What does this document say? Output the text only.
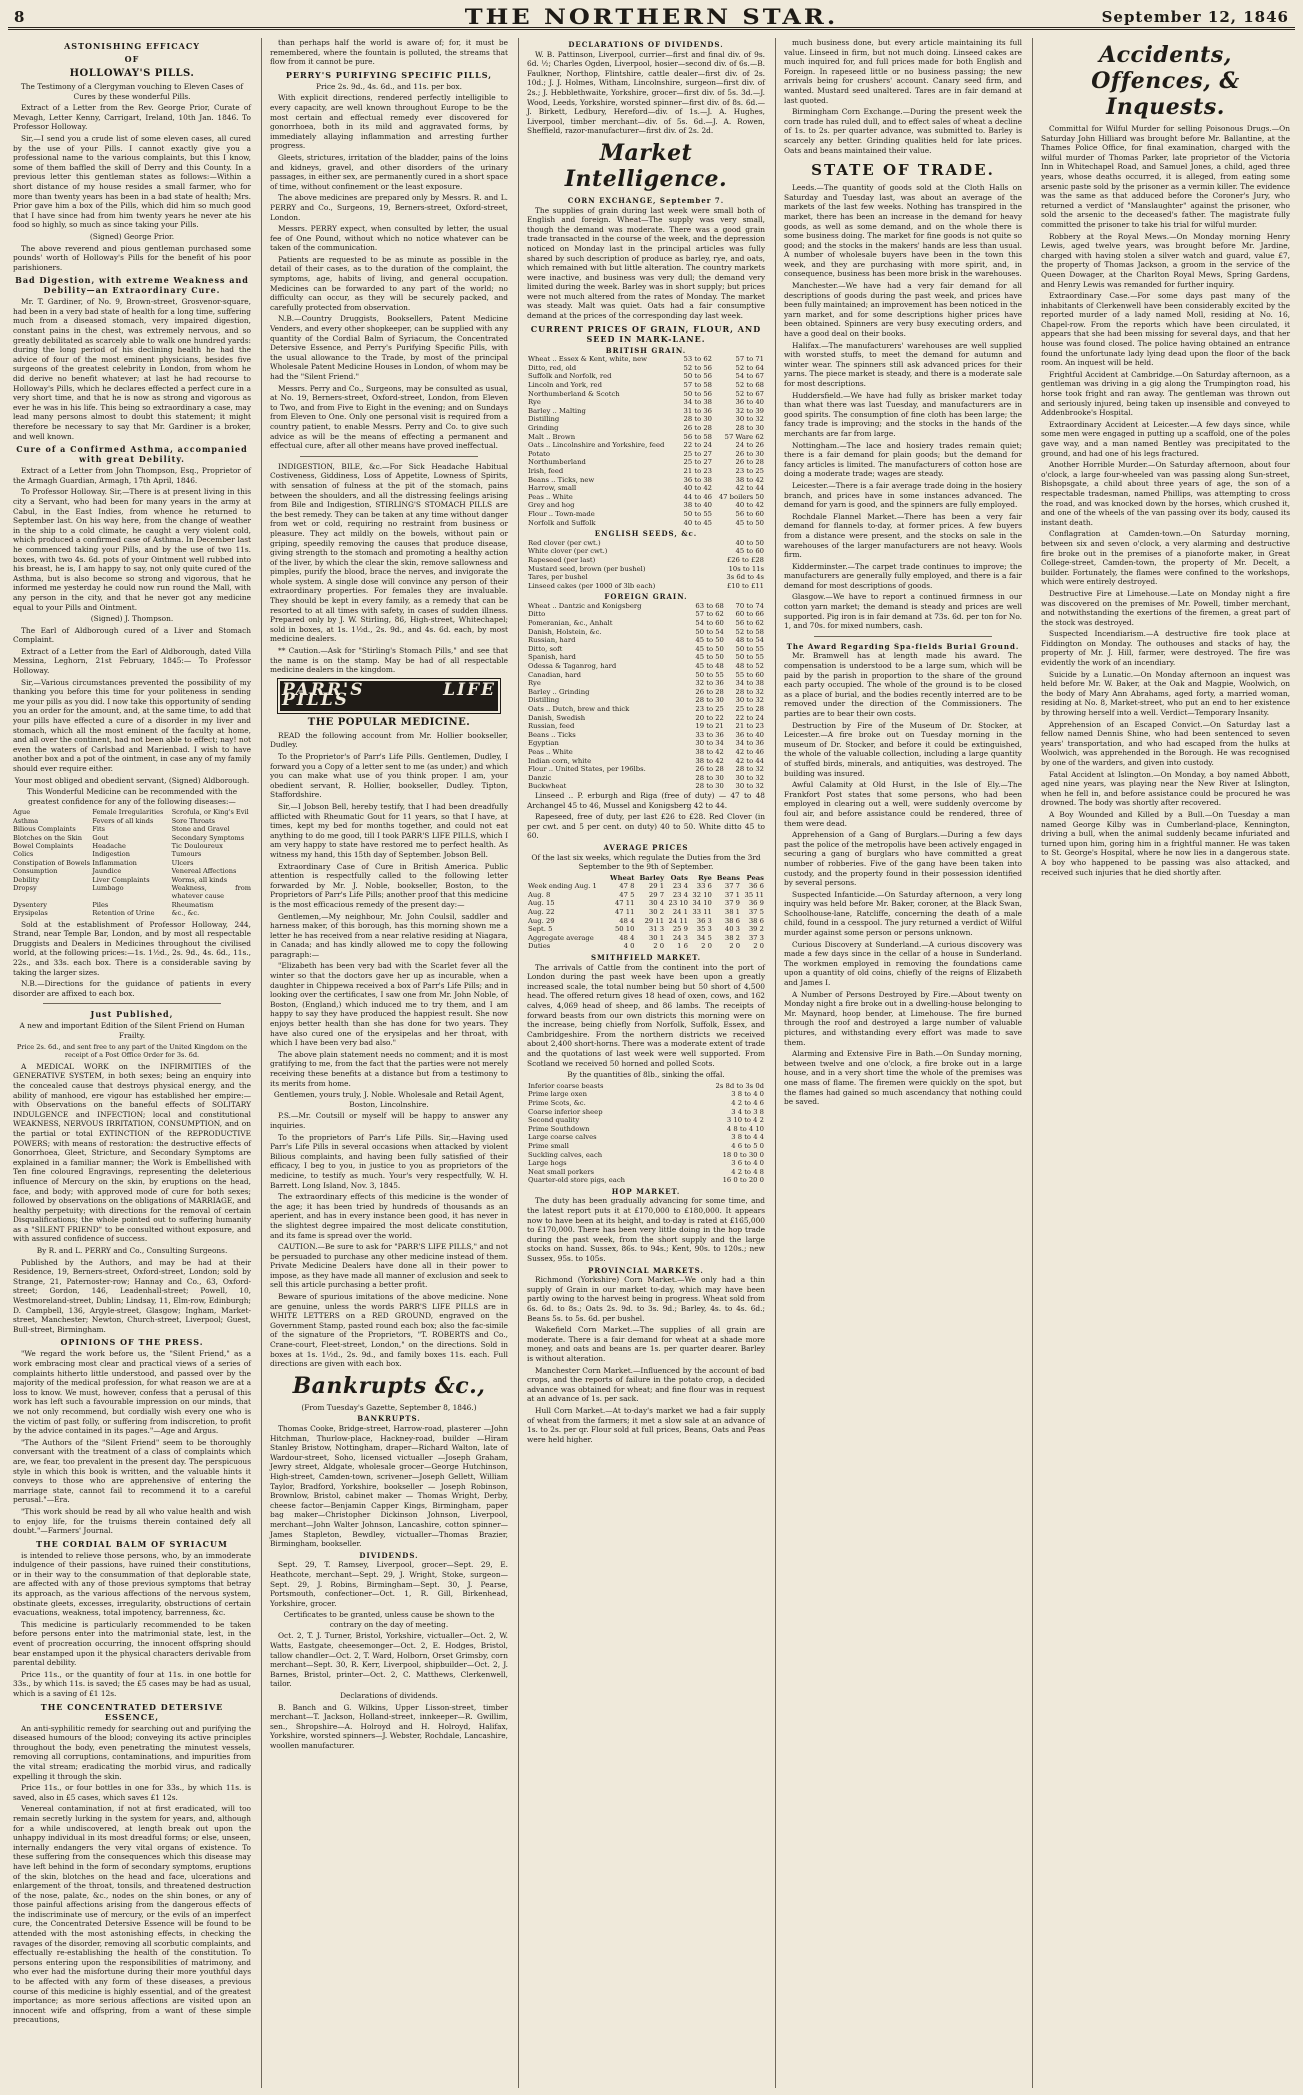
8	THE NORTHERN STAR.	September 12, 1846
ASTONISHING EFFICACY
OF
HOLLOWAY'S PILLS.

The Testimony of a Clergyman vouching to Eleven Cases of Cures by these wonderful Pills.

Extract of a Letter from the Rev. George Prior, Curate of Mevagh, Letter Kenny, Carrigart, Ireland, 10th Jan. 1846. To Professor Holloway.

Sir,—I send you a crude list of some eleven cases, all cured by the use of your Pills. I cannot exactly give you a professional name to the various complaints, but this I know, some of them baffled the skill of Derry and this County. In a previous letter this gentleman states as follows:—Within a short distance of my house resides a small farmer, who for more than twenty years has been in a bad state of health; Mrs. Prior gave him a box of the Pills, which did him so much good that I have since had from him twenty years he never ate his food so highly, so much as since taking your Pills.

(Signed) George Prior.

The above reverend and pious gentleman purchased some pounds' worth of Holloway's Pills for the benefit of his poor parishioners.

Bad Digestion, with extreme Weakness and Debility—an Extraordinary Cure.

Mr. T. Gardiner, of No. 9, Brown-street, Grosvenor-square, had been in a very bad state of health for a long time, suffering much from a diseased stomach, very impaired digestion, constant pains in the chest, was extremely nervous, and so greatly debilitated as scarcely able to walk one hundred yards: during the long period of his declining health he had the advice of four of the most eminent physicians, besides five surgeons of the greatest celebrity in London, from whom he did derive no benefit whatever; at last he had recourse to Holloway's Pills, which he declares effected a perfect cure in a very short time, and that he is now as strong and vigorous as ever he was in his life. This being so extraordinary a case, may lead many persons almost to doubt this statement; it might therefore be necessary to say that Mr. Gardiner is a broker, and well known.

Cure of a Confirmed Asthma, accompanied with great Debility.

Extract of a Letter from John Thompson, Esq., Proprietor of the Armagh Guardian, Armagh, 17th April, 1846.

To Professor Holloway. Sir,—There is at present living in this city a Servant, who had been for many years in the army at Cabul, in the East Indies, from whence he returned to September last. On his way here, from the change of weather in the ship to a cold climate, he caught a very violent cold, which produced a confirmed case of Asthma. In December last he commenced taking your Pills, and by the use of two 11s. boxes, with two 4s. 6d. pots of your Ointment well rubbed into his breast, he is, I am happy to say, not only quite cured of the Asthma, but is also become so strong and vigorous, that he informed me yesterday he could now run round the Mall, with any person in the city, and that he never got any medicine equal to your Pills and Ointment.

(Signed) J. Thompson.

The Earl of Aldborough cured of a Liver and Stomach Complaint.

Extract of a Letter from the Earl of Aldborough, dated Villa Messina, Leghorn, 21st February, 1845:— To Professor Holloway.

Sir,—Various circumstances prevented the possibility of my thanking you before this time for your politeness in sending me your pills as you did. I now take this opportunity of sending you an order for the amount, and, at the same time, to add that your pills have effected a cure of a disorder in my liver and stomach, which all the most eminent of the faculty at home, and all over the continent, had not been able to effect; nay! not even the waters of Carlsbad and Marienbad. I wish to have another box and a pot of the ointment, in case any of my family should ever require either.

Your most obliged and obedient servant, (Signed) Aldborough.

This Wonderful Medicine can be recommended with the greatest confidence for any of the following diseases:—

Ague	Female Irregularities	Scrofula, or King's Evil
Asthma	Fevers of all kinds	Sore Throats
Bilious Complaints	Fits	Stone and Gravel
Blotches on the Skin	Gout	Secondary Symptoms
Bowel Complaints	Headache	Tic Douloureux
Colics	Indigestion	Tumours
Constipation of Bowels Inflammation	Ulcers
Consumption	Jaundice	Venereal Affections
Debility	Liver Complaints	Worms, all kinds
Dropsy	Lumbago	Weakness, from whatever cause
Dysentery	Piles	Rheumatism
Erysipelas	Retention of Urine	&c., &c.

Sold at the establishment of Professor Holloway, 244, Strand, near Temple Bar, London, and by most all respectable Druggists and Dealers in Medicines throughout the civilised world, at the following prices:—1s. 1½d., 2s. 9d., 4s. 6d., 11s., 22s., and 33s. each box. There is a considerable saving by taking the larger sizes.

N.B.—Directions for the guidance of patients in every disorder are affixed to each box.

Just Published,

A new and important Edition of the Silent Friend on Human Frailty.

Price 2s. 6d., and sent free to any part of the United Kingdom on the receipt of a Post Office Order for 3s. 6d.

A MEDICAL WORK on the INFIRMITIES of the GENERATIVE SYSTEM, in both sexes; being an enquiry into the concealed cause that destroys physical energy, and the ability of manhood, ere vigour has established her empire:—with Observations on the baneful effects of SOLITARY INDULGENCE and INFECTION; local and constitutional WEAKNESS, NERVOUS IRRITATION, CONSUMPTION, and on the partial or total EXTINCTION of the REPRODUCTIVE POWERS; with means of restoration: the destructive effects of Gonorrhoea, Gleet, Stricture, and Secondary Symptoms are explained in a familiar manner; the Work is Embellished with Ten fine coloured Engravings, representing the deleterious influence of Mercury on the skin, by eruptions on the head, face, and body; with approved mode of cure for both sexes; followed by observations on the obligations of MARRIAGE, and healthy perpetuity; with directions for the removal of certain Disqualifications; the whole pointed out to suffering humanity as a "SILENT FRIEND" to be consulted without exposure, and with assured confidence of success.

By R. and L. PERRY and Co., Consulting Surgeons.

Published by the Authors, and may be had at their Residence, 19, Berners-street, Oxford-street, London; sold by Strange, 21, Paternoster-row; Hannay and Co., 63, Oxford-street; Gordon, 146, Leadenhall-street; Powell, 10, Westmoreland-street, Dublin; Lindsay, 11, Elm-row, Edinburgh; D. Campbell, 136, Argyle-street, Glasgow; Ingham, Market-street, Manchester; Newton, Church-street, Liverpool; Guest, Bull-street, Birmingham.

OPINIONS OF THE PRESS.

"We regard the work before us, the "Silent Friend," as a work embracing most clear and practical views of a series of complaints hitherto little understood, and passed over by the majority of the medical profession, for what reason we are at a loss to know. We must, however, confess that a perusal of this work has left such a favourable impression on our minds, that we not only recommend, but cordially wish every one who is the victim of past folly, or suffering from indiscretion, to profit by the advice contained in its pages."—Age and Argus.

"The Authors of the "Silent Friend" seem to be thoroughly conversant with the treatment of a class of complaints which are, we fear, too prevalent in the present day. The perspicuous style in which this book is written, and the valuable hints it conveys to those who are apprehensive of entering the marriage state, cannot fail to recommend it to a careful perusal."—Era.

"This work should be read by all who value health and wish to enjoy life, for the truisms therein contained defy all doubt."—Farmers' Journal.

THE CORDIAL BALM OF SYRIACUM

is intended to relieve those persons, who, by an immoderate indulgence of their passions, have ruined their constitutions, or in their way to the consummation of that deplorable state, are affected with any of those previous symptoms that betray its approach, as the various affections of the nervous system, obstinate gleets, excesses, irregularity, obstructions of certain evacuations, weakness, total impotency, barrenness, &c.

This medicine is particularly recommended to be taken before persons enter into the matrimonial state, lest, in the event of procreation occurring, the innocent offspring should bear enstamped upon it the physical characters derivable from parental debility.

Price 11s., or the quantity of four at 11s. in one bottle for 33s., by which 11s. is saved; the £5 cases may be had as usual, which is a saving of £1 12s.

THE CONCENTRATED DETERSIVE ESSENCE,

An anti-syphilitic remedy for searching out and purifying the diseased humours of the blood; conveying its active principles throughout the body, even penetrating the minutest vessels, removing all corruptions, contaminations, and impurities from the vital stream; eradicating the morbid virus, and radically expelling it through the skin.

Price 11s., or four bottles in one for 33s., by which 11s. is saved, also in £5 cases, which saves £1 12s.

Venereal contamination, if not at first eradicated, will too remain secretly lurking in the system for years, and, although for a while undiscovered, at length break out upon the unhappy individual in its most dreadful forms; or else, unseen, internally endangers the very vital organs of existence. To these suffering from the consequences which this disease may have left behind in the form of secondary symptoms, eruptions of the skin, blotches on the head and face, ulcerations and enlargement of the throat, tonsils, and threatened destruction of the nose, palate, &c., nodes on the shin bones, or any of those painful affections arising from the dangerous effects of the indiscriminate use of mercury, or the evils of an imperfect cure, the Concentrated Detersive Essence will be found to be attended with the most astonishing effects, in checking the ravages of the disorder, removing all scorbutic complaints, and effectually re-establishing the health of the constitution. To persons entering upon the responsibilities of matrimony, and who ever had the misfortune during their more youthful days to be affected with any form of these diseases, a previous course of this medicine is highly essential, and of the greatest importance; as more serious affections are visited upon an innocent wife and offspring, from a want of these simple precautions,

than perhaps half the world is aware of; for, it must be remembered, where the fountain is polluted, the streams that flow from it cannot be pure.

PERRY'S PURIFYING SPECIFIC PILLS,

Price 2s. 9d., 4s. 6d., and 11s. per box.

With explicit directions, rendered perfectly intelligible to every capacity, are well known throughout Europe to be the most certain and effectual remedy ever discovered for gonorrhoea, both in its mild and aggravated forms, by immediately allaying inflammation and arresting further progress.

Gleets, strictures, irritation of the bladder, pains of the loins and kidneys, gravel, and other disorders of the urinary passages, in either sex, are permanently cured in a short space of time, without confinement or the least exposure.

The above medicines are prepared only by Messrs. R. and L. PERRY and Co., Surgeons, 19, Berners-street, Oxford-street, London.

Messrs. PERRY expect, when consulted by letter, the usual fee of One Pound, without which no notice whatever can be taken of the communication.

Patients are requested to be as minute as possible in the detail of their cases, as to the duration of the complaint, the symptoms, age, habits of living, and general occupation. Medicines can be forwarded to any part of the world; no difficulty can occur, as they will be securely packed, and carefully protected from observation.

N.B.—Country Druggists, Booksellers, Patent Medicine Venders, and every other shopkeeper, can be supplied with any quantity of the Cordial Balm of Syriacum, the Concentrated Detersive Essence, and Perry's Purifying Specific Pills, with the usual allowance to the Trade, by most of the principal Wholesale Patent Medicine Houses in London, of whom may be had the "Silent Friend."

Messrs. Perry and Co., Surgeons, may be consulted as usual, at No. 19, Berners-street, Oxford-street, London, from Eleven to Two, and from Five to Eight in the evening; and on Sundays from Eleven to One. Only one personal visit is required from a country patient, to enable Messrs. Perry and Co. to give such advice as will be the means of effecting a permanent and effectual cure, after all other means have proved ineffectual.

INDIGESTION, BILE, &c.—For Sick Headache Habitual Costiveness, Giddiness, Loss of Appetite, Lowness of Spirits, with sensation of fulness at the pit of the stomach, pains between the shoulders, and all the distressing feelings arising from Bile and Indigestion, STIRLING'S STOMACH PILLS are the best remedy. They can be taken at any time without danger from wet or cold, requiring no restraint from business or pleasure. They act mildly on the bowels, without pain or griping, speedily removing the causes that produce disease, giving strength to the stomach and promoting a healthy action of the liver, by which the clear the skin, remove sallowness and pimples, purify the blood, brace the nerves, and invigorate the whole system. A single dose will convince any person of their extraordinary properties. For females they are invaluable. They should be kept in every family, as a remedy that can be resorted to at all times with safety, in cases of sudden illness. Prepared only by J. W. Stirling, 86, High-street, Whitechapel; sold in boxes, at 1s. 1½d., 2s. 9d., and 4s. 6d. each, by most medicine dealers.

** Caution.—Ask for "Stirling's Stomach Pills," and see that the name is on the stamp. May be had of all respectable medicine dealers in the kingdom.

PARR'S LIFE PILLS
THE POPULAR MEDICINE.

READ the following account from Mr. Hollier bookseller, Dudley.

To the Proprietor's of Parr's Life Pills. Gentlemen, Dudley, I forward you a Copy of a letter sent to me (as under,) and which you can make what use of you think proper. I am, your obedient servant, R. Hollier, bookseller, Dudley. Tipton, Staffordshire.

Sir,—I Jobson Bell, hereby testify, that I had been dreadfully afflicted with Rheumatic Gout for 11 years, so that I have, at times, kept my bed for months together, and could not eat anything to do me good, till I took PARR'S LIFE PILLS, which I am very happy to state have restored me to perfect health. As witness my hand, this 15th day of September. Jobson Bell.

Extraordinary Case of Cure in British America. Public attention is respectfully called to the following letter forwarded by Mr. J. Noble, bookseller, Boston, to the Proprietors of Parr's Life Pills; another proof that this medicine is the most efficacious remedy of the present day:—

Gentlemen,—My neighbour, Mr. John Coulsil, saddler and harness maker, of this borough, has this morning shown me a letter he has received from a near relative residing at Niagara, in Canada; and has kindly allowed me to copy the following paragraph:—

"Elizabeth has been very bad with the Scarlet fever all the winter so that the doctors gave her up as incurable, when a daughter in Chippewa received a box of Parr's Life Pills; and in looking over the certificates, I saw one from Mr. John Noble, of Boston, (England,) which induced me to try them, and I am happy to say they have produced the happiest result. She now enjoys better health than she has done for two years. They have also cured one of the erysipelas and her throat, with which I have been very bad also."

The above plain statement needs no comment; and it is most gratifying to me, from the fact that the parties were not merely receiving these benefits at a distance but from a testimony to its merits from home.

Gentlemen, yours truly, J. Noble. Wholesale and Retail Agent, Boston, Lincolnshire.

P.S.—Mr. Coutsill or myself will be happy to answer any inquiries.

To the proprietors of Parr's Life Pills. Sir,—Having used Parr's Life Pills in several occasions when attacked by violent Bilious complaints, and having been fully satisfied of their efficacy, I beg to you, in justice to you as proprietors of the medicine, to testify as much. Your's very respectfully, W. H. Barrett. Long Island, Nov. 3, 1845.

The extraordinary effects of this medicine is the wonder of the age; it has been tried by hundreds of thousands as an aperient, and has in every instance been good, it has never in the slightest degree impaired the most delicate constitution, and its fame is spread over the world.

CAUTION.—Be sure to ask for "PARR'S LIFE PILLS," and not be persuaded to purchase any other medicine instead of them. Private Medicine Dealers have done all in their power to impose, as they have made all manner of exclusion and seek to sell this article purchasing a better profit.

Beware of spurious imitations of the above medicine. None are genuine, unless the words PARR'S LIFE PILLS are in WHITE LETTERS on a RED GROUND, engraved on the Government Stamp, pasted round each box; also the fac-simile of the signature of the Proprietors, "T. ROBERTS and Co., Crane-court, Fleet-street, London," on the directions. Sold in boxes at 1s. 1½d., 2s. 9d., and family boxes 11s. each. Full directions are given with each box.

Bankrupts &c.,

(From Tuesday's Gazette, September 8, 1846.)

BANKRUPTS.

Thomas Cooke, Bridge-street, Harrow-road, plasterer —John Hitchman, Thurlow-place, Hackney-road, builder —Hiram Stanley Bristow, Nottingham, draper—Richard Walton, late of Wardour-street, Soho, licensed victualler —Joseph Graham, Jewry street, Aldgate, wholesale grocer—George Hutchinson, High-street, Camden-town, scrivener—Joseph Gellett, William Taylor, Bradford, Yorkshire, bookseller — Joseph Robinson, Brownlow, Bristol, cabinet maker — Thomas Wright, Derby, cheese factor—Benjamin Capper Kings, Birmingham, paper bag maker—Christopher Dickinson Johnson, Liverpool, merchant—John Walter Johnson, Lancashire, cotton spinner—James Stapleton, Bewdley, victualler—Thomas Brazier, Birmingham, bookseller.

DIVIDENDS.

Sept. 29, T. Ramsey, Liverpool, grocer—Sept. 29, E. Heathcote, merchant—Sept. 29, J. Wright, Stoke, surgeon—Sept. 29, J. Robins, Birmingham—Sept. 30, J. Pearse, Portsmouth, confectioner—Oct. 1, R. Gill, Birkenhead, Yorkshire, grocer.

Certificates to be granted, unless cause be shown to the contrary on the day of meeting.

Oct. 2, T. J. Turner, Bristol, Yorkshire, victualler—Oct. 2, W. Watts, Eastgate, cheesemonger—Oct. 2, E. Hodges, Bristol, tallow chandler—Oct. 2, T. Ward, Holborn, Orset Grimsby, corn merchant—Sept. 30, R. Kerr, Liverpool, shipbuilder—Oct. 2, J. Barnes, Bristol, printer—Oct. 2, C. Matthews, Clerkenwell, tailor.

Declarations of dividends.

B. Banch and G. Wilkins, Upper Lisson-street, timber merchant—T. Jackson, Holland-street, innkeeper—R. Gwillim, sen., Shropshire—A. Holroyd and H. Holroyd, Halifax, Yorkshire, worsted spinners—J. Webster, Rochdale, Lancashire, woollen manufacturer.

DECLARATIONS OF DIVIDENDS.

W. B. Pattinson, Liverpool, currier—first and final div. of 9s. 6d. ½; Charles Ogden, Liverpool, hosier—second div. of 6s.—B. Faulkner, Northop, Flintshire, cattle dealer—first div. of 2s. 10d.; J. J. Holmes, Witham, Lincolnshire, surgeon—first div. of 2s.; J. Hebblethwaite, Yorkshire, grocer—first div. of 5s. 3d.—J. Wood, Leeds, Yorkshire, worsted spinner—first div. of 8s. 6d.—J. Birkett, Ledbury, Hereford—div. of 1s.—J. A. Hughes, Liverpool, timber merchant—div. of 5s. 6d.—J. A. Rowen, Sheffield, razor-manufacturer—first div. of 2s. 2d.

Market Intelligence.
CORN EXCHANGE, September 7.

The supplies of grain during last week were small both of English and foreign. Wheat—The supply was very small, though the demand was moderate. There was a good grain trade transacted in the course of the week, and the depression noticed on Monday last in the principal articles was fully shared by such description of produce as barley, rye, and oats, which remained with but little alteration. The country markets were inactive, and business was very dull; the demand very limited during the week. Barley was in short supply; but prices were not much altered from the rates of Monday. The market was steady. Malt was quiet. Oats had a fair consumptive demand at the prices of the corresponding day last week.

CURRENT PRICES OF GRAIN, FLOUR, AND SEED IN MARK-LANE.
BRITISH GRAIN.
Wheat .. Essex & Kent, white, new	53 to 62	57 to 71
Ditto, red, old	52 to 56	52 to 64
Suffolk and Norfolk, red	50 to 56	54 to 67
Lincoln and York, red	57 to 58	52 to 68
Northumberland & Scotch	50 to 56	52 to 67
Rye	34 to 38	36 to 40
Barley .. Malting	31 to 36	32 to 39
Distilling	28 to 30	30 to 32
Grinding	26 to 28	28 to 30
Malt .. Brown	56 to 58	57 Ware 62
Oats .. Lincolnshire and Yorkshire, feed	22 to 24	24 to 26
Potato	25 to 27	26 to 30
Northumberland	25 to 27	26 to 28
Irish, feed	21 to 23	23 to 25
Beans .. Ticks, new	36 to 38	38 to 42
Harrow, small	40 to 42	42 to 44
Peas .. White	44 to 46	47 boilers 50
Grey and hog	38 to 40	40 to 42
Flour .. Town-made	50 to 55	56 to 60
Norfolk and Suffolk	40 to 45	45 to 50
ENGLISH SEEDS, &c.
Red clover (per cwt.)	40 to 50
White clover (per cwt.)	45 to 60
Rapeseed (per last)	£26 to £28
Mustard seed, brown (per bushel)	10s to 11s
Tares, per bushel	3s 6d to 4s
Linseed cakes (per 1000 of 3lb each)	£10 to £11
FOREIGN GRAIN.
Wheat .. Dantzic and Konigsberg	63 to 68	70 to 74
Ditto	57 to 62	60 to 66
Pomeranian, &c., Anhalt	54 to 60	56 to 62
Danish, Holstein, &c.	50 to 54	52 to 58
Russian, hard	45 to 50	48 to 54
Ditto, soft	45 to 50	50 to 55
Spanish, hard	45 to 50	50 to 55
Odessa & Taganrog, hard	45 to 48	48 to 52
Canadian, hard	50 to 55	55 to 60
Rye	32 to 36	34 to 38
Barley .. Grinding	26 to 28	28 to 32
Distilling	28 to 30	30 to 32
Oats .. Dutch, brew and thick	23 to 25	25 to 28
Danish, Swedish	20 to 22	22 to 24
Russian, feed	19 to 21	21 to 23
Beans .. Ticks	33 to 36	36 to 40
Egyptian	30 to 34	34 to 36
Peas .. White	38 to 42	42 to 46
Indian corn, white	38 to 42	42 to 44
Flour .. United States, per 196lbs.	26 to 28	28 to 32
Danzic	28 to 30	30 to 32
Buckwheat	28 to 30	30 to 32

Linseed .. P. erburgh and Riga (free of duty) — 47 to 48 Archangel 45 to 46, Mussel and Konigsberg 42 to 44.

Rapeseed, free of duty, per last £26 to £28. Red Clover (in per cwt. and 5 per cent. on duty) 40 to 50. White ditto 45 to 60.

AVERAGE PRICES

Of the last six weeks, which regulate the Duties from the 3rd September to the 9th of September.

	Wheat	Barley	Oats	Rye	Beans	Peas
Week ending Aug. 1	47 8	29 1	23 4	33 6	37 7	36 6
Aug. 8	47 5	29 7	23 4	32 10	37 1	35 11
Aug. 15	47 11	30 4	23 10	34 10	37 9	36 9
Aug. 22	47 11	30 2	24 1	33 11	38 1	37 5
Aug. 29	48 4	29 11	24 11	36 3	38 6	38 6
Sept. 5	50 10	31 3	25 9	35 3	40 3	39 2
Aggregate average	48 4	30 1	24 3	34 5	38 2	37 3
Duties	4 0	2 0	1 6	2 0	2 0	2 0
SMITHFIELD MARKET.

The arrivals of Cattle from the continent into the port of London during the past week have been upon a greatly increased scale, the total number being but 50 short of 4,500 head. The offered return gives 18 head of oxen, cows, and 162 calves, 4,069 head of sheep, and 86 lambs. The receipts of forward beasts from our own districts this morning were on the increase, being chiefly from Norfolk, Suffolk, Essex, and Cambridgeshire. From the northern districts we received about 2,400 short-horns. There was a moderate extent of trade and the quotations of last week were well supported. From Scotland we received 50 horned and polled Scots.

By the quantities of 8lb., sinking the offal.

Inferior coarse beasts	2s 8d to 3s 0d
Prime large oxen	3 8 to 4 0
Prime Scots, &c.	4 2 to 4 6
Coarse inferior sheep	3 4 to 3 8
Second quality	3 10 to 4 2
Prime Southdown	4 8 to 4 10
Large coarse calves	3 8 to 4 4
Prime small	4 6 to 5 0
Suckling calves, each	18 0 to 30 0
Large hogs	3 6 to 4 0
Neat small porkers	4 2 to 4 8
Quarter-old store pigs, each	16 0 to 20 0
HOP MARKET.

The duty has been gradually advancing for some time, and the latest report puts it at £170,000 to £180,000. It appears now to have been at its height, and to-day is rated at £165,000 to £170,000. There has been very little doing in the hop trade during the past week, from the short supply and the large stocks on hand. Sussex, 86s. to 94s.; Kent, 90s. to 120s.; new Sussex, 95s. to 105s.

PROVINCIAL MARKETS.

Richmond (Yorkshire) Corn Market.—We only had a thin supply of Grain in our market to-day, which may have been partly owing to the harvest being in progress. Wheat sold from 6s. 6d. to 8s.; Oats 2s. 9d. to 3s. 9d.; Barley, 4s. to 4s. 6d.; Beans 5s. to 5s. 6d. per bushel.

Wakefield Corn Market.—The supplies of all grain are moderate. There is a fair demand for wheat at a shade more money, and oats and beans are 1s. per quarter dearer. Barley is without alteration.

Manchester Corn Market.—Influenced by the account of bad crops, and the reports of failure in the potato crop, a decided advance was obtained for wheat; and fine flour was in request at an advance of 1s. per sack.

Hull Corn Market.—At to-day's market we had a fair supply of wheat from the farmers; it met a slow sale at an advance of 1s. to 2s. per qr. Flour sold at full prices, Beans, Oats and Peas were held higher.

much business done, but every article maintaining its full value. Linseed in firm, but not much doing. Linseed cakes are much inquired for, and full prices made for both English and Foreign. In rapeseed little or no business passing; the new arrivals being for crushers' account. Canary seed firm, and wanted. Mustard seed unaltered. Tares are in fair demand at last quoted.

Birmingham Corn Exchange.—During the present week the corn trade has ruled dull, and to effect sales of wheat a decline of 1s. to 2s. per quarter advance, was submitted to. Barley is scarcely any better. Grinding qualities held for late prices. Oats and beans maintained their value.

STATE OF TRADE.

Leeds.—The quantity of goods sold at the Cloth Halls on Saturday and Tuesday last, was about an average of the markets of the last few weeks. Nothing has transpired in the market, there has been an increase in the demand for heavy goods, as well as some demand, and on the whole there is some business doing. The market for fine goods is not quite so good; and the stocks in the makers' hands are less than usual. A number of wholesale buyers have been in the town this week, and they are purchasing with more spirit, and, in consequence, business has been more brisk in the warehouses.

Manchester.—We have had a very fair demand for all descriptions of goods during the past week, and prices have been fully maintained; an improvement has been noticed in the yarn market, and for some descriptions higher prices have been obtained. Spinners are very busy executing orders, and have a good deal on their books.

Halifax.—The manufacturers' warehouses are well supplied with worsted stuffs, to meet the demand for autumn and winter wear. The spinners still ask advanced prices for their yarns. The piece market is steady, and there is a moderate sale for most descriptions.

Huddersfield.—We have had fully as brisker market today than what there was last Tuesday, and manufacturers are in good spirits. The consumption of fine cloth has been large; the fancy trade is improving; and the stocks in the hands of the merchants are far from large.

Nottingham.—The lace and hosiery trades remain quiet; there is a fair demand for plain goods; but the demand for fancy articles is limited. The manufacturers of cotton hose are doing a moderate trade; wages are steady.

Leicester.—There is a fair average trade doing in the hosiery branch, and prices have in some instances advanced. The demand for yarn is good, and the spinners are fully employed.

Rochdale Flannel Market.—There has been a very fair demand for flannels to-day, at former prices. A few buyers from a distance were present, and the stocks on sale in the warehouses of the larger manufacturers are not heavy. Wools firm.

Kidderminster.—The carpet trade continues to improve; the manufacturers are generally fully employed, and there is a fair demand for most descriptions of goods.

Glasgow.—We have to report a continued firmness in our cotton yarn market; the demand is steady and prices are well supported. Pig iron is in fair demand at 73s. 6d. per ton for No. 1, and 70s. for mixed numbers, cash.

The Award Regarding Spa-fields Burial Ground.

Mr. Bramwell has at length made his award. The compensation is understood to be a large sum, which will be paid by the parish in proportion to the share of the ground each party occupied. The whole of the ground is to be closed as a place of burial, and the bodies recently interred are to be removed under the direction of the Commissioners. The parties are to bear their own costs.

Destruction by Fire of the Museum of Dr. Stocker, at Leicester.—A fire broke out on Tuesday morning in the museum of Dr. Stocker, and before it could be extinguished, the whole of the valuable collection, including a large quantity of stuffed birds, minerals, and antiquities, was destroyed. The building was insured.

Awful Calamity at Old Hurst, in the Isle of Ely.—The Frankfort Post states that some persons, who had been employed in clearing out a well, were suddenly overcome by foul air, and before assistance could be rendered, three of them were dead.

Apprehension of a Gang of Burglars.—During a few days past the police of the metropolis have been actively engaged in securing a gang of burglars who have committed a great number of robberies. Five of the gang have been taken into custody, and the property found in their possession identified by several persons.

Suspected Infanticide.—On Saturday afternoon, a very long inquiry was held before Mr. Baker, coroner, at the Black Swan, Schoolhouse-lane, Ratcliffe, concerning the death of a male child, found in a cesspool. The jury returned a verdict of Wilful murder against some person or persons unknown.

Curious Discovery at Sunderland.—A curious discovery was made a few days since in the cellar of a house in Sunderland. The workmen employed in removing the foundations came upon a quantity of old coins, chiefly of the reigns of Elizabeth and James I.

A Number of Persons Destroyed by Fire.—About twenty on Monday night a fire broke out in a dwelling-house belonging to Mr. Maynard, hoop bender, at Limehouse. The fire burned through the roof and destroyed a large number of valuable pictures, and withstanding every effort was made to save them.

Alarming and Extensive Fire in Bath.—On Sunday morning, between twelve and one o'clock, a fire broke out in a large house, and in a very short time the whole of the premises was one mass of flame. The firemen were quickly on the spot, but the flames had gained so much ascendancy that nothing could be saved.

Accidents, Offences, & Inquests.

Committal for Wilful Murder for selling Poisonous Drugs.—On Saturday John Hilliard was brought before Mr. Ballantine, at the Thames Police Office, for final examination, charged with the wilful murder of Thomas Parker, late proprietor of the Victoria Inn in Whitechapel Road, and Samuel Jones, a child, aged three years, whose deaths occurred, it is alleged, from eating some arsenic paste sold by the prisoner as a vermin killer. The evidence was the same as that adduced before the Coroner's Jury, who returned a verdict of "Manslaughter" against the prisoner, who sold the arsenic to the deceased's father. The magistrate fully committed the prisoner to take his trial for wilful murder.

Robbery at the Royal Mews.—On Monday morning Henry Lewis, aged twelve years, was brought before Mr. Jardine, charged with having stolen a silver watch and guard, value £7, the property of Thomas Jackson, a groom in the service of the Queen Dowager, at the Charlton Royal Mews, Spring Gardens, and Henry Lewis was remanded for further inquiry.

Extraordinary Case.—For some days past many of the inhabitants of Clerkenwell have been considerably excited by the reported murder of a lady named Moll, residing at No. 16, Chapel-row. From the reports which have been circulated, it appears that she had been missing for several days, and that her house was found closed. The police having obtained an entrance found the unfortunate lady lying dead upon the floor of the back room. An inquest will be held.

Frightful Accident at Cambridge.—On Saturday afternoon, as a gentleman was driving in a gig along the Trumpington road, his horse took fright and ran away. The gentleman was thrown out and seriously injured, being taken up insensible and conveyed to Addenbrooke's Hospital.

Extraordinary Accident at Leicester.—A few days since, while some men were engaged in putting up a scaffold, one of the poles gave way, and a man named Bentley was precipitated to the ground, and had one of his legs fractured.

Another Horrible Murder.—On Saturday afternoon, about four o'clock, a large four-wheeled van was passing along Sun-street, Bishopsgate, a child about three years of age, the son of a respectable tradesman, named Phillips, was attempting to cross the road, and was knocked down by the horses, which crushed it, and one of the wheels of the van passing over its body, caused its instant death.

Conflagration at Camden-town.—On Saturday morning, between six and seven o'clock, a very alarming and destructive fire broke out in the premises of a pianoforte maker, in Great College-street, Camden-town, the property of Mr. Decelt, a builder. Fortunately, the flames were confined to the workshops, which were entirely destroyed.

Destructive Fire at Limehouse.—Late on Monday night a fire was discovered on the premises of Mr. Powell, timber merchant, and notwithstanding the exertions of the firemen, a great part of the stock was destroyed.

Suspected Incendiarism.—A destructive fire took place at Fiddington on Monday. The outhouses and stacks of hay, the property of Mr. J. Hill, farmer, were destroyed. The fire was evidently the work of an incendiary.

Suicide by a Lunatic.—On Monday afternoon an inquest was held before Mr. W. Baker, at the Oak and Magpie, Woolwich, on the body of Mary Ann Abrahams, aged forty, a married woman, residing at No. 8, Market-street, who put an end to her existence by throwing herself into a well. Verdict—Temporary Insanity.

Apprehension of an Escaped Convict.—On Saturday last a fellow named Dennis Shine, who had been sentenced to seven years' transportation, and who had escaped from the hulks at Woolwich, was apprehended in the Borough. He was recognised by one of the warders, and given into custody.

Fatal Accident at Islington.—On Monday, a boy named Abbott, aged nine years, was playing near the New River at Islington, when he fell in, and before assistance could be procured he was drowned. The body was shortly after recovered.

A Boy Wounded and Killed by a Bull.—On Tuesday a man named George Kilby was in Cumberland-place, Kennington, driving a bull, when the animal suddenly became infuriated and turned upon him, goring him in a frightful manner. He was taken to St. George's Hospital, where he now lies in a dangerous state. A boy who happened to be passing was also attacked, and received such injuries that he died shortly after.
